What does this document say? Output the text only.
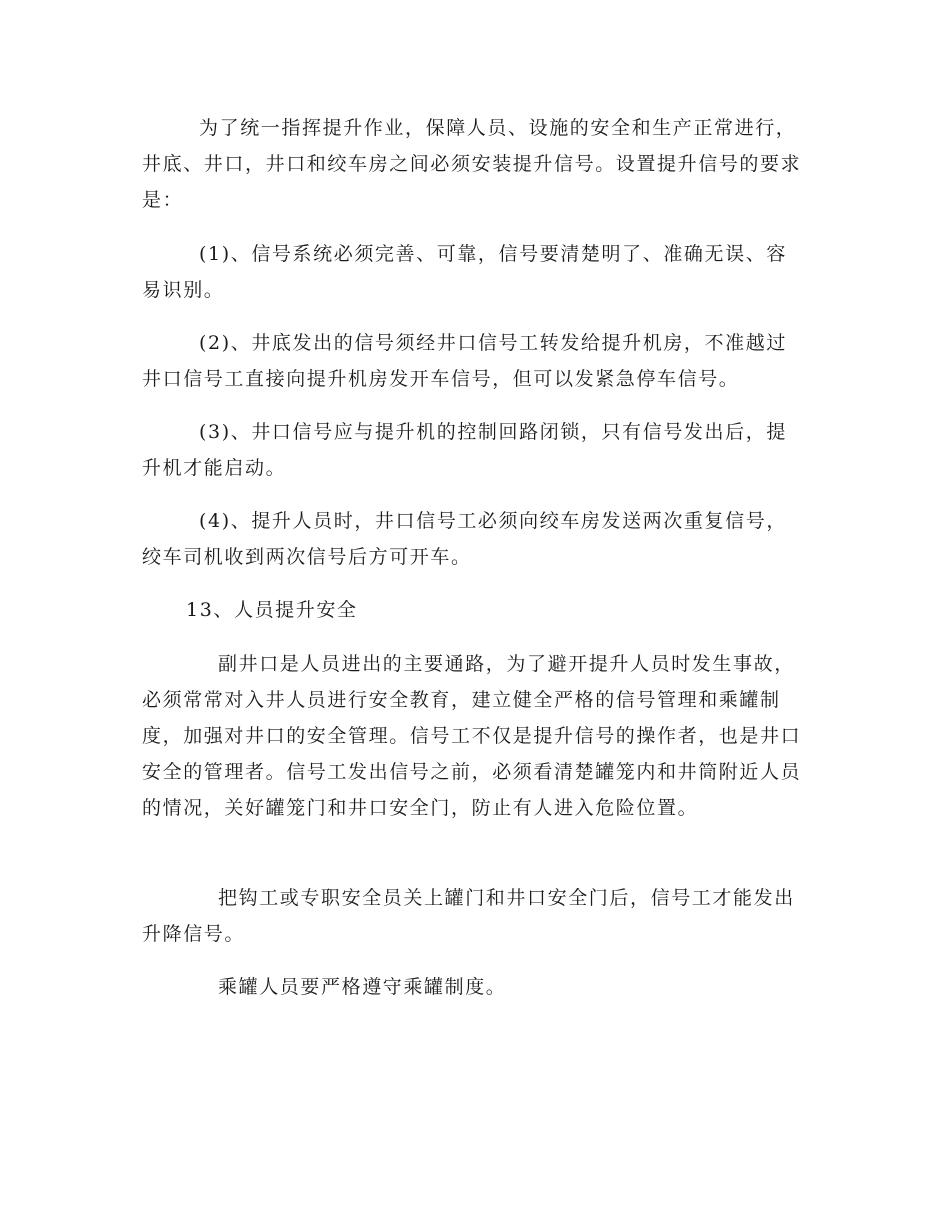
为了统一指挥提升作业，保障人员、设施的安全和生产正常进行，井底、井口，井口和绞车房之间必须安装提升信号。设置提升信号的要求是：

(1)、信号系统必须完善、可靠，信号要清楚明了、准确无误、容易识别。

(2)、井底发出的信号须经井口信号工转发给提升机房，不准越过井口信号工直接向提升机房发开车信号，但可以发紧急停车信号。

(3)、井口信号应与提升机的控制回路闭锁，只有信号发出后，提升机才能启动。

(4)、提升人员时，井口信号工必须向绞车房发送两次重复信号，绞车司机收到两次信号后方可开车。

13、人员提升安全

副井口是人员进出的主要通路，为了避开提升人员时发生事故，必须常常对入井人员进行安全教育，建立健全严格的信号管理和乘罐制度，加强对井口的安全管理。信号工不仅是提升信号的操作者，也是井口安全的管理者。信号工发出信号之前，必须看清楚罐笼内和井筒附近人员的情况，关好罐笼门和井口安全门，防止有人进入危险位置。

把钩工或专职安全员关上罐门和井口安全门后，信号工才能发出升降信号。

乘罐人员要严格遵守乘罐制度。
